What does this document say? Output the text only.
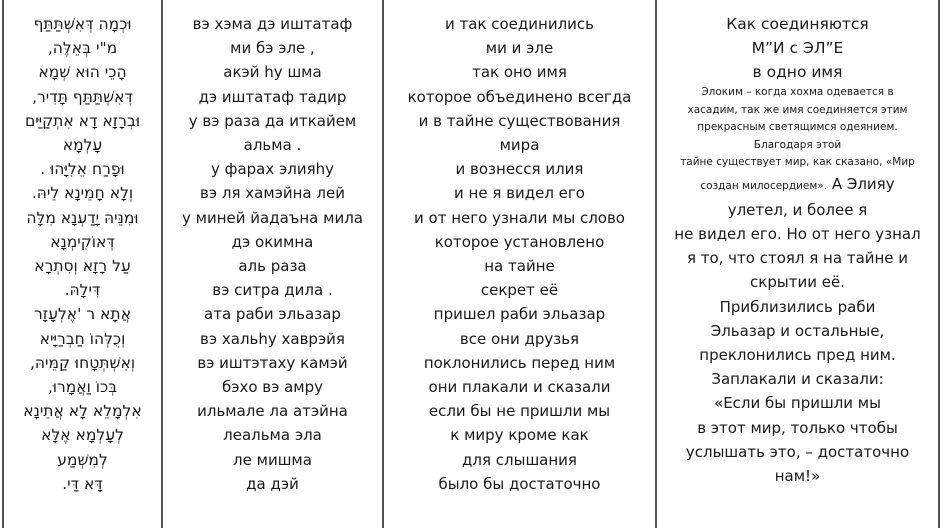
וּכְמָה דְּאִשְׁתַּתַּף
מ"י בְּאֵלֶּה,
הָכֵי הוּא שְׁמָא
דְּאִשְׁתַּתַּף תָּדִיר,
וּבְרָזָא דָא אִתְקַיַּים
עָלְמָא
וּפָרַח אֵלִיָּהוּ .
וְלָא חָמֵינָא לֵיהּ.
וּמִנֵּיהּ יָדַעְנָא מִלָּה
דְּאוֹקִימְנָא
עַל רָזָא וְסִתְרָא
דִּילָהּ.
אֲתָא ר 'אֶלְעָזָר
וְכֻלְּהוֹ חַבְרַיָּיא
וְאִשְׁתְּטָחוּ קַמֵּיהּ,
בְּכוֹ וַאֲמָרוּ,
אִלְמָלֵא לָא אֲתֵינָא
לְעָלְמָא אֶלָּא
לְמִשְׁמַע
דָּא דַּי.
вэ хэма дэ иштатаф
ми бэ эле ,
акэй hу шма
дэ иштатаф тадир
у вэ раза да иткайем
альма .
у фарах элияhу
вэ ля хамэйна лей
у миней йадаъна мила
дэ окимна
аль раза
вэ ситра дила .
ата раби эльазар
вэ хальhу хаврэйя
вэ иштэтаху камэй
бэхо вэ амру
ильмале ла атэйна
леальма эла
ле мишма
да дэй
и так соединились
ми и эле
так оно имя
которое объединено всегда
и в тайне существования
мира
и вознесся илия
и не я видел его
и от него узнали мы слово
которое установлено
на тайне
секрет её
пришел раби эльазар
все они друзья
поклонились перед ним
они плакали и сказали
если бы не пришли мы
к миру кроме как
для слышания
было бы достаточно
Как соединяются
М”И с ЭЛ”Е
в одно имя
Элоким – когда хохма одевается в
хасадим, так же имя соединяется этим
прекрасным светящимся одеянием.
Благодаря этой
тайне существует мир, как сказано, «Мир
создан милосердием». А Элияу
улетел, и более я
не видел его. Но от него узнал
я то, что стоял я на тайне и
скрытии её.
Приблизились раби
Эльазар и остальные,
преклонились пред ним.
Заплакали и сказали:
«Если бы пришли мы
в этот мир, только чтобы
услышать это, – достаточно
нам!»
